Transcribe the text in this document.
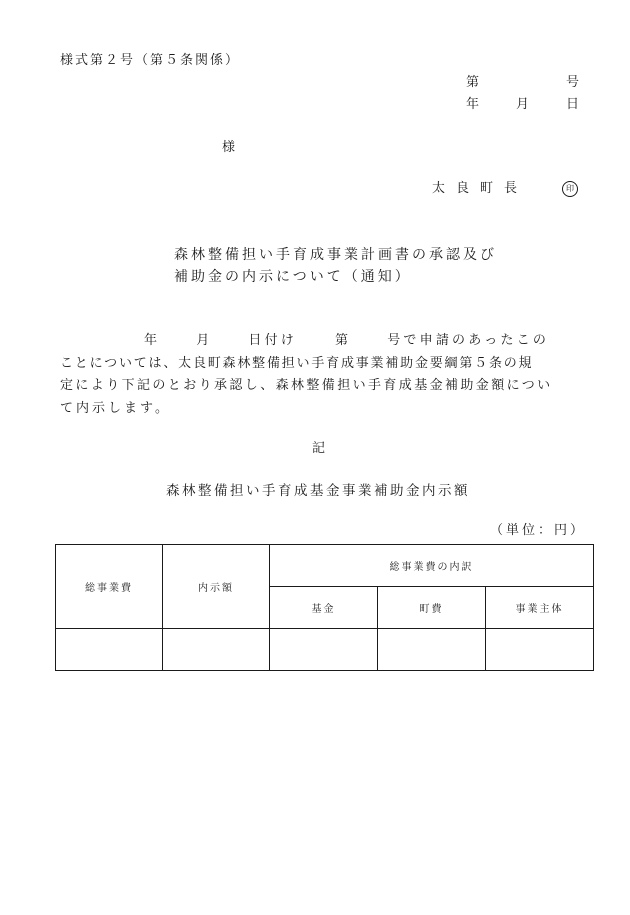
様式第２号（第５条関係）
第	号
年	月	日
様
太良町長	印
森林整備担い手育成事業計画書の承認及び
補助金の内示について（通知）
年	月	日付け	第	号で申請のあったこの
ことについては、太良町森林整備担い手育成事業補助金要綱第５条の規
定により下記のとおり承認し、森林整備担い手育成基金補助金額につい
て内示します。
記
森林整備担い手育成基金事業補助金内示額
（単位：円）
総事業費	内示額	総事業費の内訳		
		基金	町費	事業主体
